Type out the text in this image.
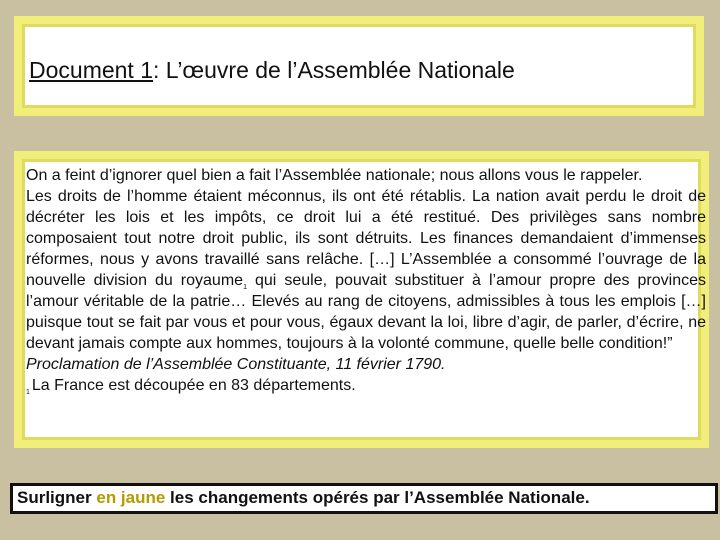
Document 1: L’œuvre de l’Assemblée Nationale

On a feint d’ignorer quel bien a fait l’Assemblée nationale; nous allons vous le rappeler.

Les droits de l’homme étaient méconnus, ils ont été rétablis. La nation avait perdu le droit de décréter les lois et les impôts, ce droit lui a été restitué. Des privilèges sans nombre composaient tout notre droit public, ils sont détruits. Les finances demandaient d’immenses réformes, nous y avons travaillé sans relâche. […] L’Assemblée a consommé l’ouvrage de la nouvelle division du royaume$_1$ qui seule, pouvait substituer à l’amour propre des provinces l’amour véritable de la patrie… Elevés au rang de citoyens, admissibles à tous les emplois […] puisque tout se fait par vous et pour vous, égaux devant la loi, libre d’agir, de parler, d’écrire, ne devant jamais compte aux hommes, toujours à la volonté commune, quelle belle condition!”

Proclamation de l’Assemblée Constituante, 11 février 1790.

$_1$ La France est découpée en 83 départements.

Surligner en jaune les changements opérés par l’Assemblée Nationale.
